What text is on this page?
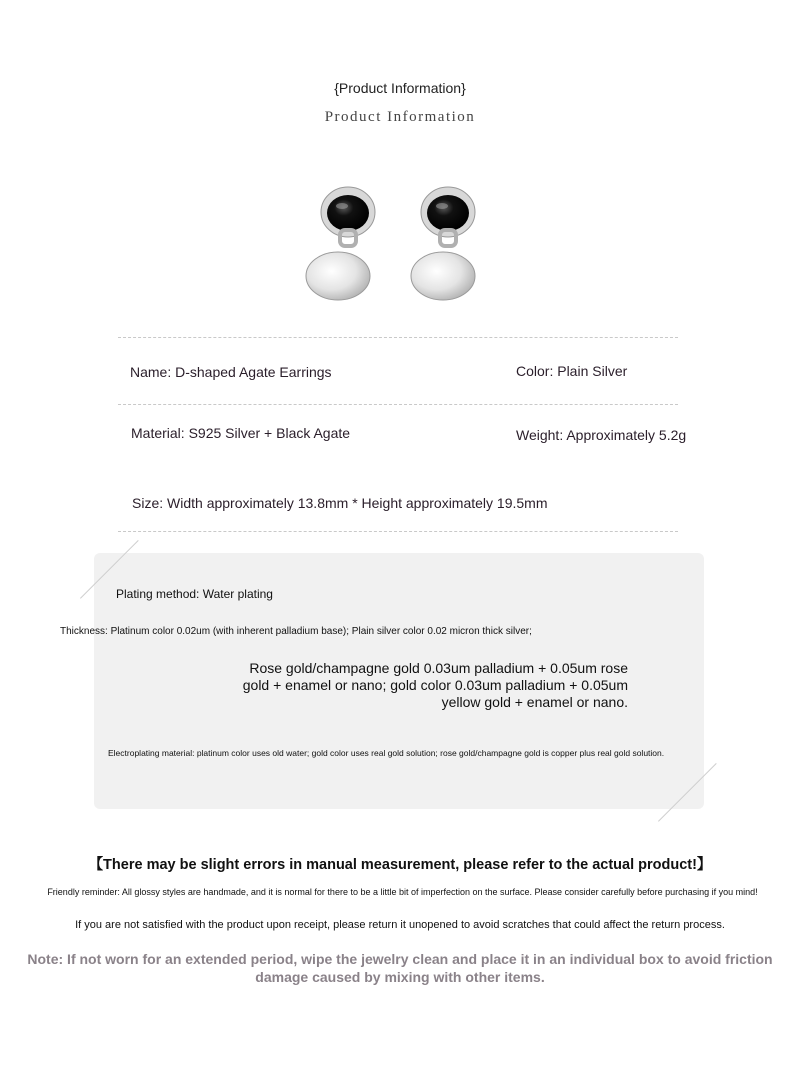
{Product Information}
Product Information
Name: D-shaped Agate Earrings	Color: Plain Silver
Material: S925 Silver + Black Agate	Weight: Approximately 5.2g
Size: Width approximately 13.8mm * Height approximately 19.5mm
Plating method: Water plating
Thickness: Platinum color 0.02um (with inherent palladium base); Plain silver color 0.02 micron thick silver;
Rose gold/champagne gold 0.03um palladium + 0.05um rose
gold + enamel or nano; gold color 0.03um palladium + 0.05um
yellow gold + enamel or nano.
Electroplating material: platinum color uses old water; gold color uses real gold solution; rose gold/champagne gold is copper plus real gold solution.
【There may be slight errors in manual measurement, please refer to the actual product!】
Friendly reminder: All glossy styles are handmade, and it is normal for there to be a little bit of imperfection on the surface. Please consider carefully before purchasing if you mind!
If you are not satisfied with the product upon receipt, please return it unopened to avoid scratches that could affect the return process.
Note: If not worn for an extended period, wipe the jewelry clean and place it in an individual box to avoid friction damage caused by mixing with other items.
